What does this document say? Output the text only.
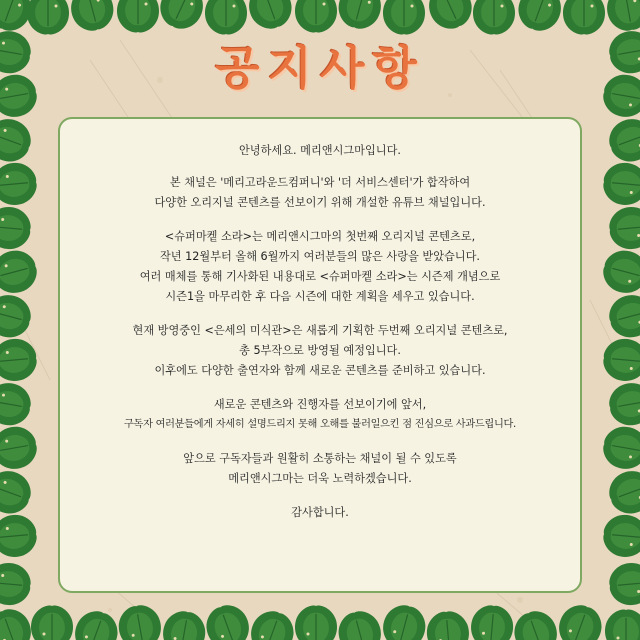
공지사항
안녕하세요. 메리앤시그마입니다.
본 채널은 '메리고라운드컴퍼니'와 '더 서비스센터'가 합작하여
다양한 오리지널 콘텐츠를 선보이기 위해 개설한 유튜브 채널입니다.
<슈퍼마켙 소라>는 메리앤시그마의 첫번째 오리지널 콘텐츠로,
작년 12월부터 올해 6월까지 여러분들의 많은 사랑을 받았습니다.
여러 매체를 통해 기사화된 내용대로 <슈퍼마켙 소라>는 시즌제 개념으로
시즌1을 마무리한 후 다음 시즌에 대한 계획을 세우고 있습니다.
현재 방영중인 <은세의 미식관>은 새롭게 기획한 두번째 오리지널 콘텐츠로,
총 5부작으로 방영될 예정입니다.
이후에도 다양한 출연자와 함께 새로운 콘텐츠를 준비하고 있습니다.
새로운 콘텐츠와 진행자를 선보이기에 앞서,
구독자 여러분들에게 자세히 설명드리지 못해 오해를 불러일으킨 점 진심으로 사과드립니다.
앞으로 구독자들과 원활히 소통하는 채널이 될 수 있도록
메리앤시그마는 더욱 노력하겠습니다.
감사합니다.
